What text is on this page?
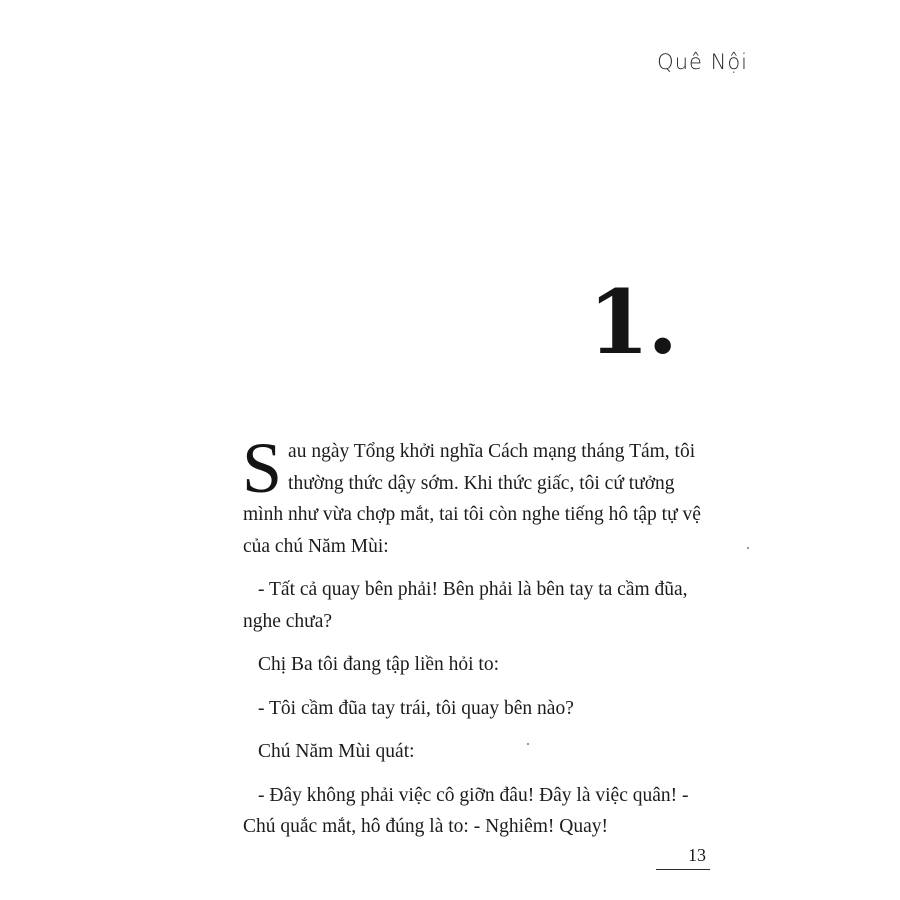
Quê Nội
1.

Sau ngày Tổng khởi nghĩa Cách mạng tháng Tám, tôi thường thức dậy sớm. Khi thức giấc, tôi cứ tưởng mình như vừa chợp mắt, tai tôi còn nghe tiếng hô tập tự vệ của chú Năm Mùi:

- Tất cả quay bên phải! Bên phải là bên tay ta cầm đũa, nghe chưa?

Chị Ba tôi đang tập liền hỏi to:

- Tôi cầm đũa tay trái, tôi quay bên nào?

Chú Năm Mùi quát:

- Đây không phải việc cô giỡn đâu! Đây là việc quân! - Chú quắc mắt, hô đúng là to: - Nghiêm! Quay!

13
